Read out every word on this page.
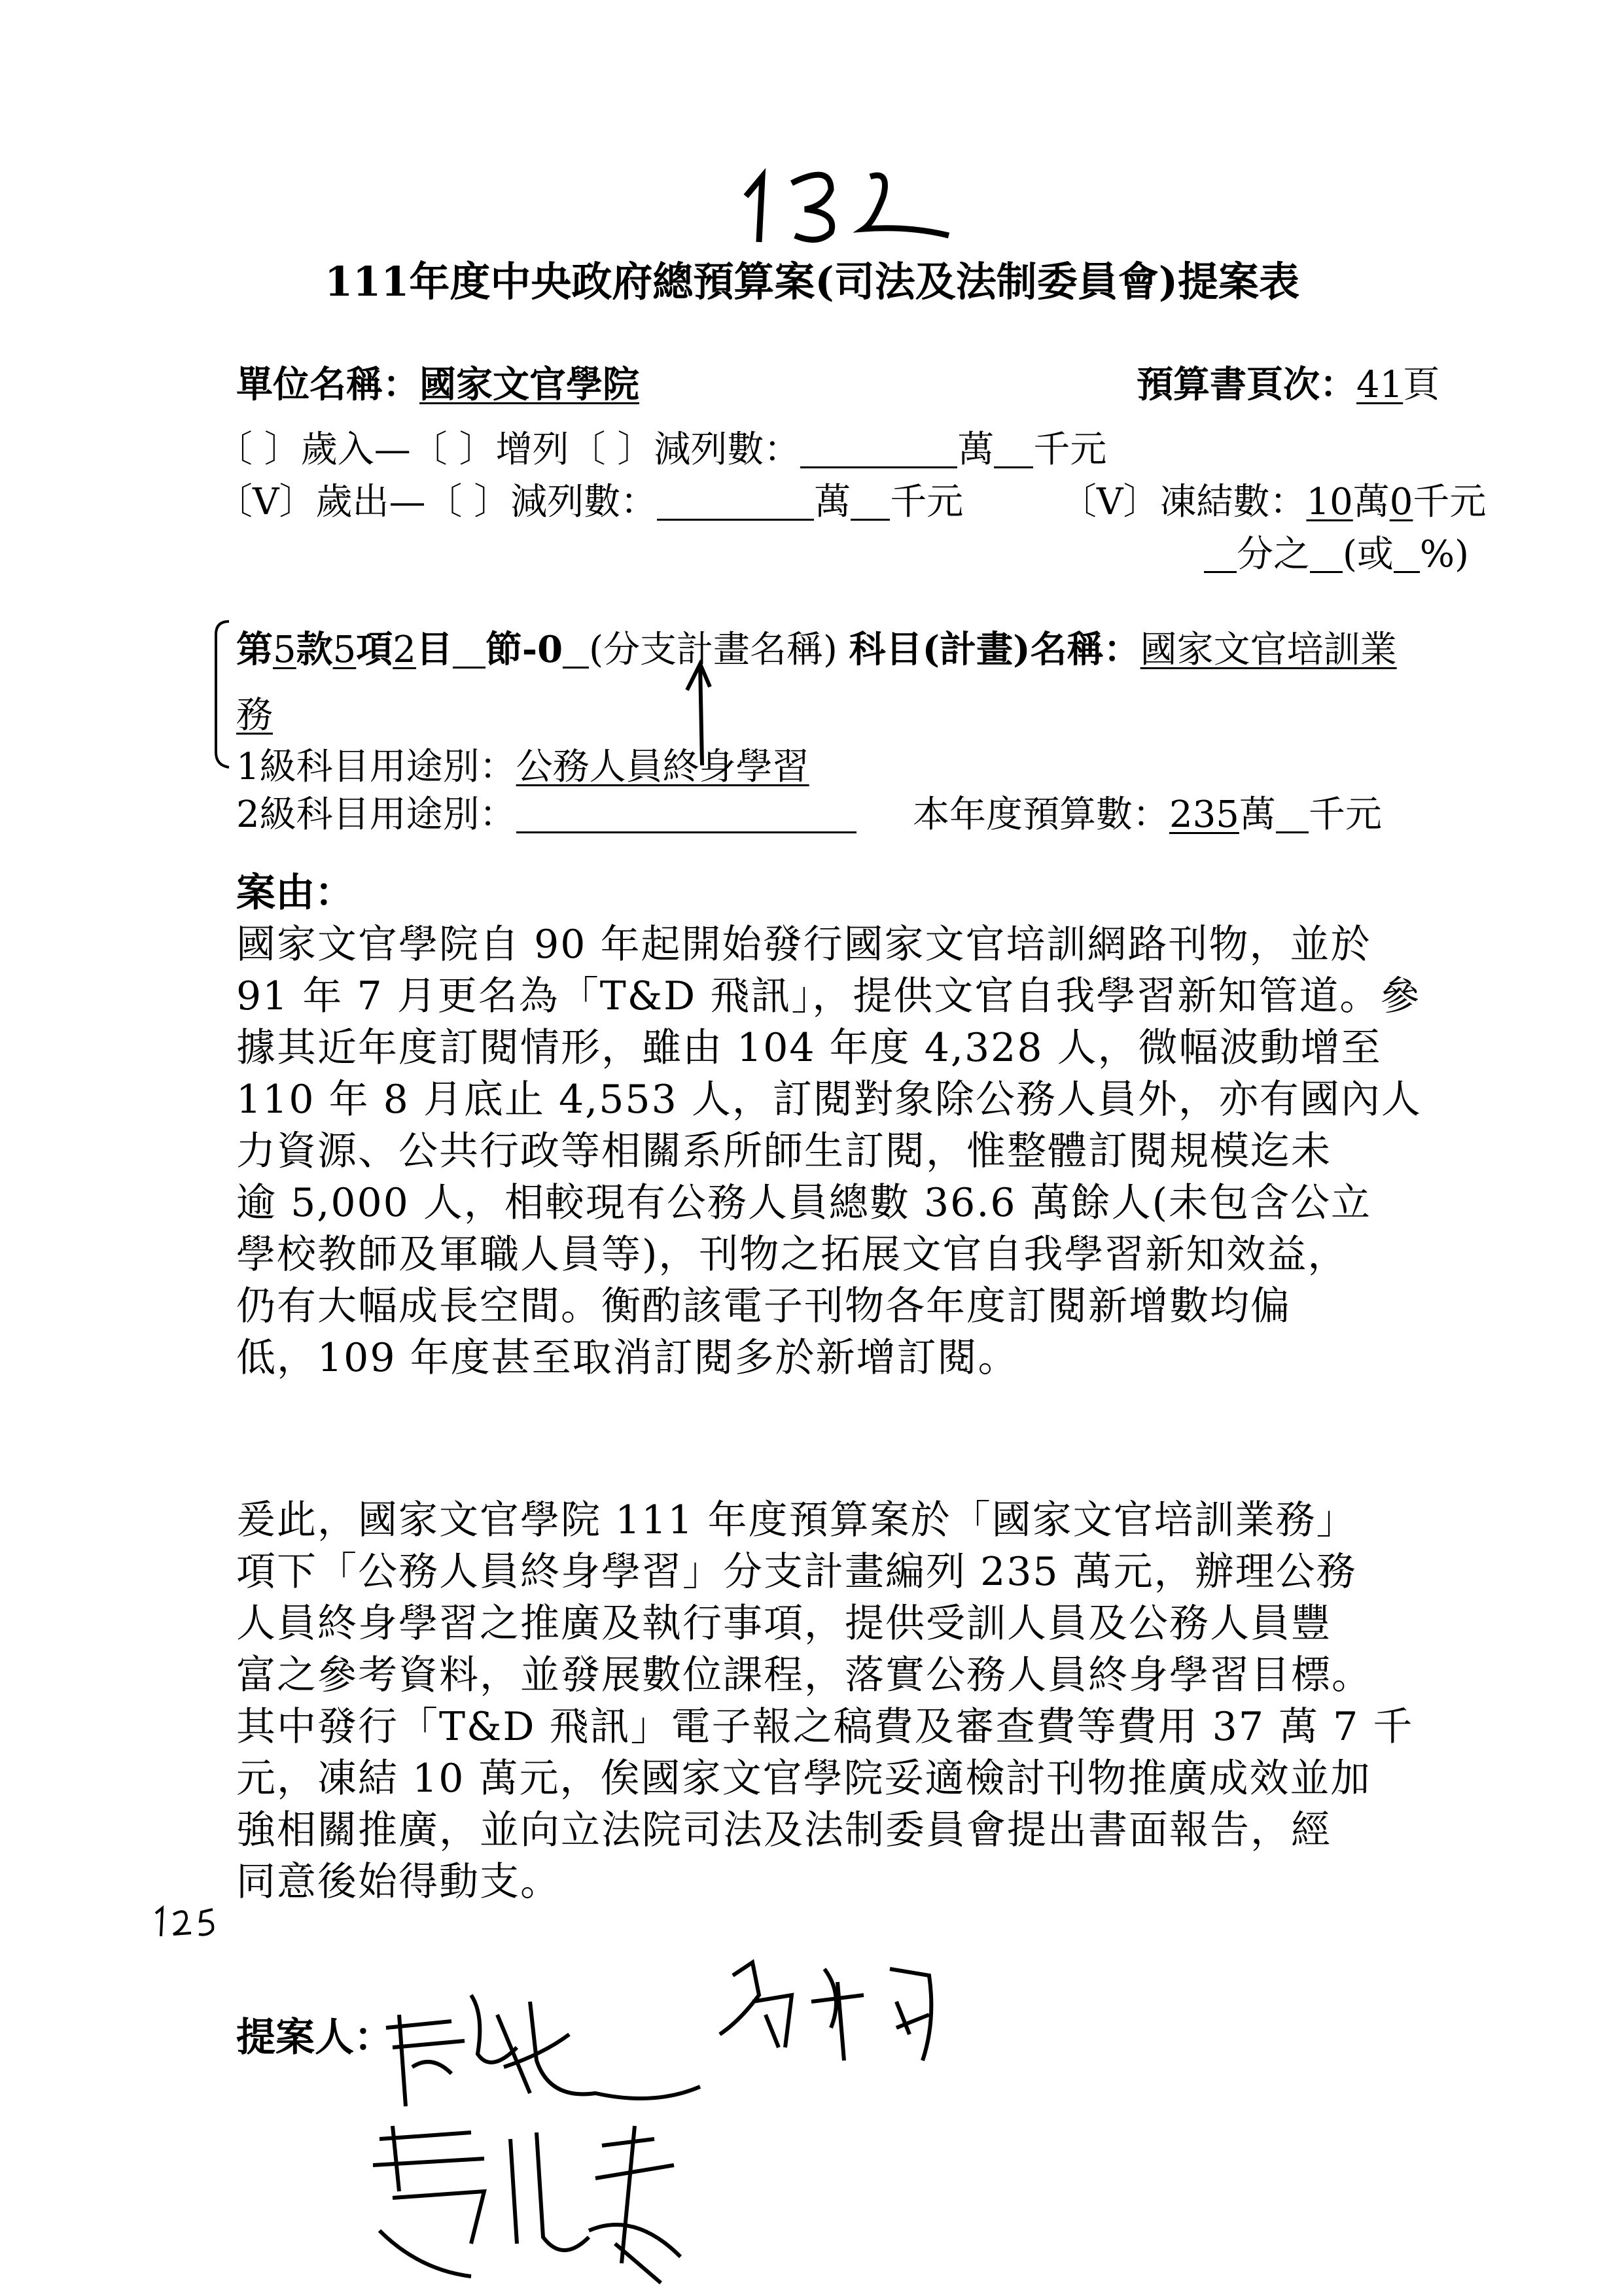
111年度中央政府總預算案(司法及法制委員會)提案表
單位名稱：國家文官學院	預算書頁次：41頁
〔 〕歲入—〔 〕增列〔 〕減列數：	萬 千元
〔V〕歲出—〔 〕減列數：	萬 千元	〔V〕凍結數：10萬0千元
分之 (或 %)
第5款5項2目 節-0 (分支計畫名稱) 科目(計畫)名稱：國家文官培訓業
務
1級科目用途別：公務人員終身學習
2級科目用途別：	本年度預算數：235萬 千元
案由：
國家文官學院自 90 年起開始發行國家文官培訓網路刊物，並於
91 年 7 月更名為「T&D 飛訊」，提供文官自我學習新知管道。參
據其近年度訂閱情形，雖由 104 年度 4,328 人，微幅波動增至
110 年 8 月底止 4,553 人，訂閱對象除公務人員外，亦有國內人
力資源、公共行政等相關系所師生訂閱，惟整體訂閱規模迄未
逾 5,000 人，相較現有公務人員總數 36.6 萬餘人(未包含公立
學校教師及軍職人員等)，刊物之拓展文官自我學習新知效益，
仍有大幅成長空間。衡酌該電子刊物各年度訂閱新增數均偏
低，109 年度甚至取消訂閱多於新增訂閱。
爰此，國家文官學院 111 年度預算案於「國家文官培訓業務」
項下「公務人員終身學習」分支計畫編列 235 萬元，辦理公務
人員終身學習之推廣及執行事項，提供受訓人員及公務人員豐
富之參考資料，並發展數位課程，落實公務人員終身學習目標。
其中發行「T&D 飛訊」電子報之稿費及審查費等費用 37 萬 7 千
元，凍結 10 萬元，俟國家文官學院妥適檢討刊物推廣成效並加
強相關推廣，並向立法院司法及法制委員會提出書面報告，經
同意後始得動支。
提案人：
